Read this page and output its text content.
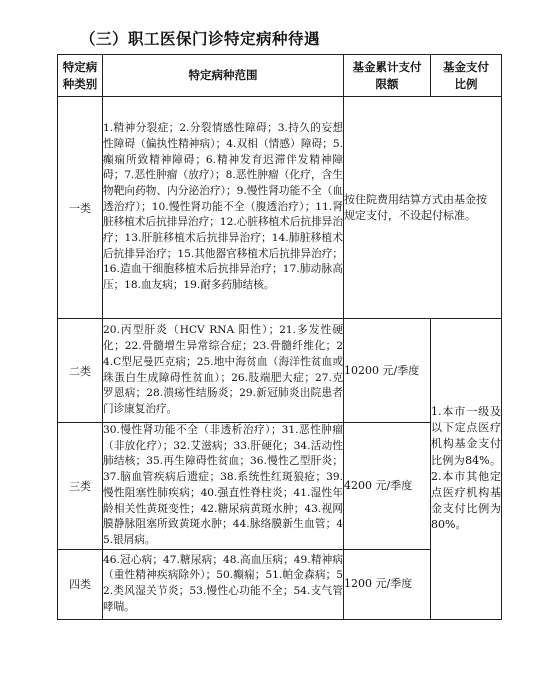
（三）职工医保门诊特定病种待遇
特定病种类别	特定病种范围	基金累计支付限额	基金支付比例

一类	1.精神分裂症；2.分裂情感性障碍；3.持久的妄想性障碍（偏执性精神病）；4.双相（情感）障碍；5.癫痫所致精神障碍；6.精神发育迟滞伴发精神障碍；7.恶性肿瘤（放疗）；8.恶性肿瘤（化疗，含生物靶向药物、内分泌治疗）；9.慢性肾功能不全（血透治疗）；10.慢性肾功能不全（腹透治疗）；11.肾脏移植术后抗排异治疗；12.心脏移植术后抗排异治疗；13.肝脏移植术后抗排异治疗；14.肺脏移植术后抗排异治疗；15.其他器官移植术后抗排异治疗；16.造血干细胞移植术后抗排异治疗；17.肺动脉高压；18.血友病；19.耐多药肺结核。	按住院费用结算方式由基金按规定支付，不设起付标准。	

二类	20.丙型肝炎（HCV RNA 阳性）；21.多发性硬化；22.骨髓增生异常综合症；23.骨髓纤维化；24.C型尼曼匹克病；25.地中海贫血（海洋性贫血或珠蛋白生成障碍性贫血）；26.肢端肥大症；27.克罗恩病；28.溃疡性结肠炎；29.新冠肺炎出院患者门诊康复治疗。	10200 元/季度	1.本市一级及以下定点医疗机构基金支付比例为84%。2.本市其他定点医疗机构基金支付比例为80%。
三类	30.慢性肾功能不全（非透析治疗）；31.恶性肿瘤（非放化疗）；32.艾滋病；33.肝硬化；34.活动性肺结核；35.再生障碍性贫血；36.慢性乙型肝炎；37.脑血管疾病后遗症；38.系统性红斑狼疮；39.慢性阻塞性肺疾病；40.强直性脊柱炎；41.湿性年龄相关性黄斑变性；42.糖尿病黄斑水肿；43.视网膜静脉阻塞所致黄斑水肿；44.脉络膜新生血管；45.银屑病。	4200 元/季度	
四类	46.冠心病；47.糖尿病；48.高血压病；49.精神病（重性精神疾病除外）；50.癫痫；51.帕金森病；52.类风湿关节炎；53.慢性心功能不全；54.支气管哮喘。	1200 元/季度	
